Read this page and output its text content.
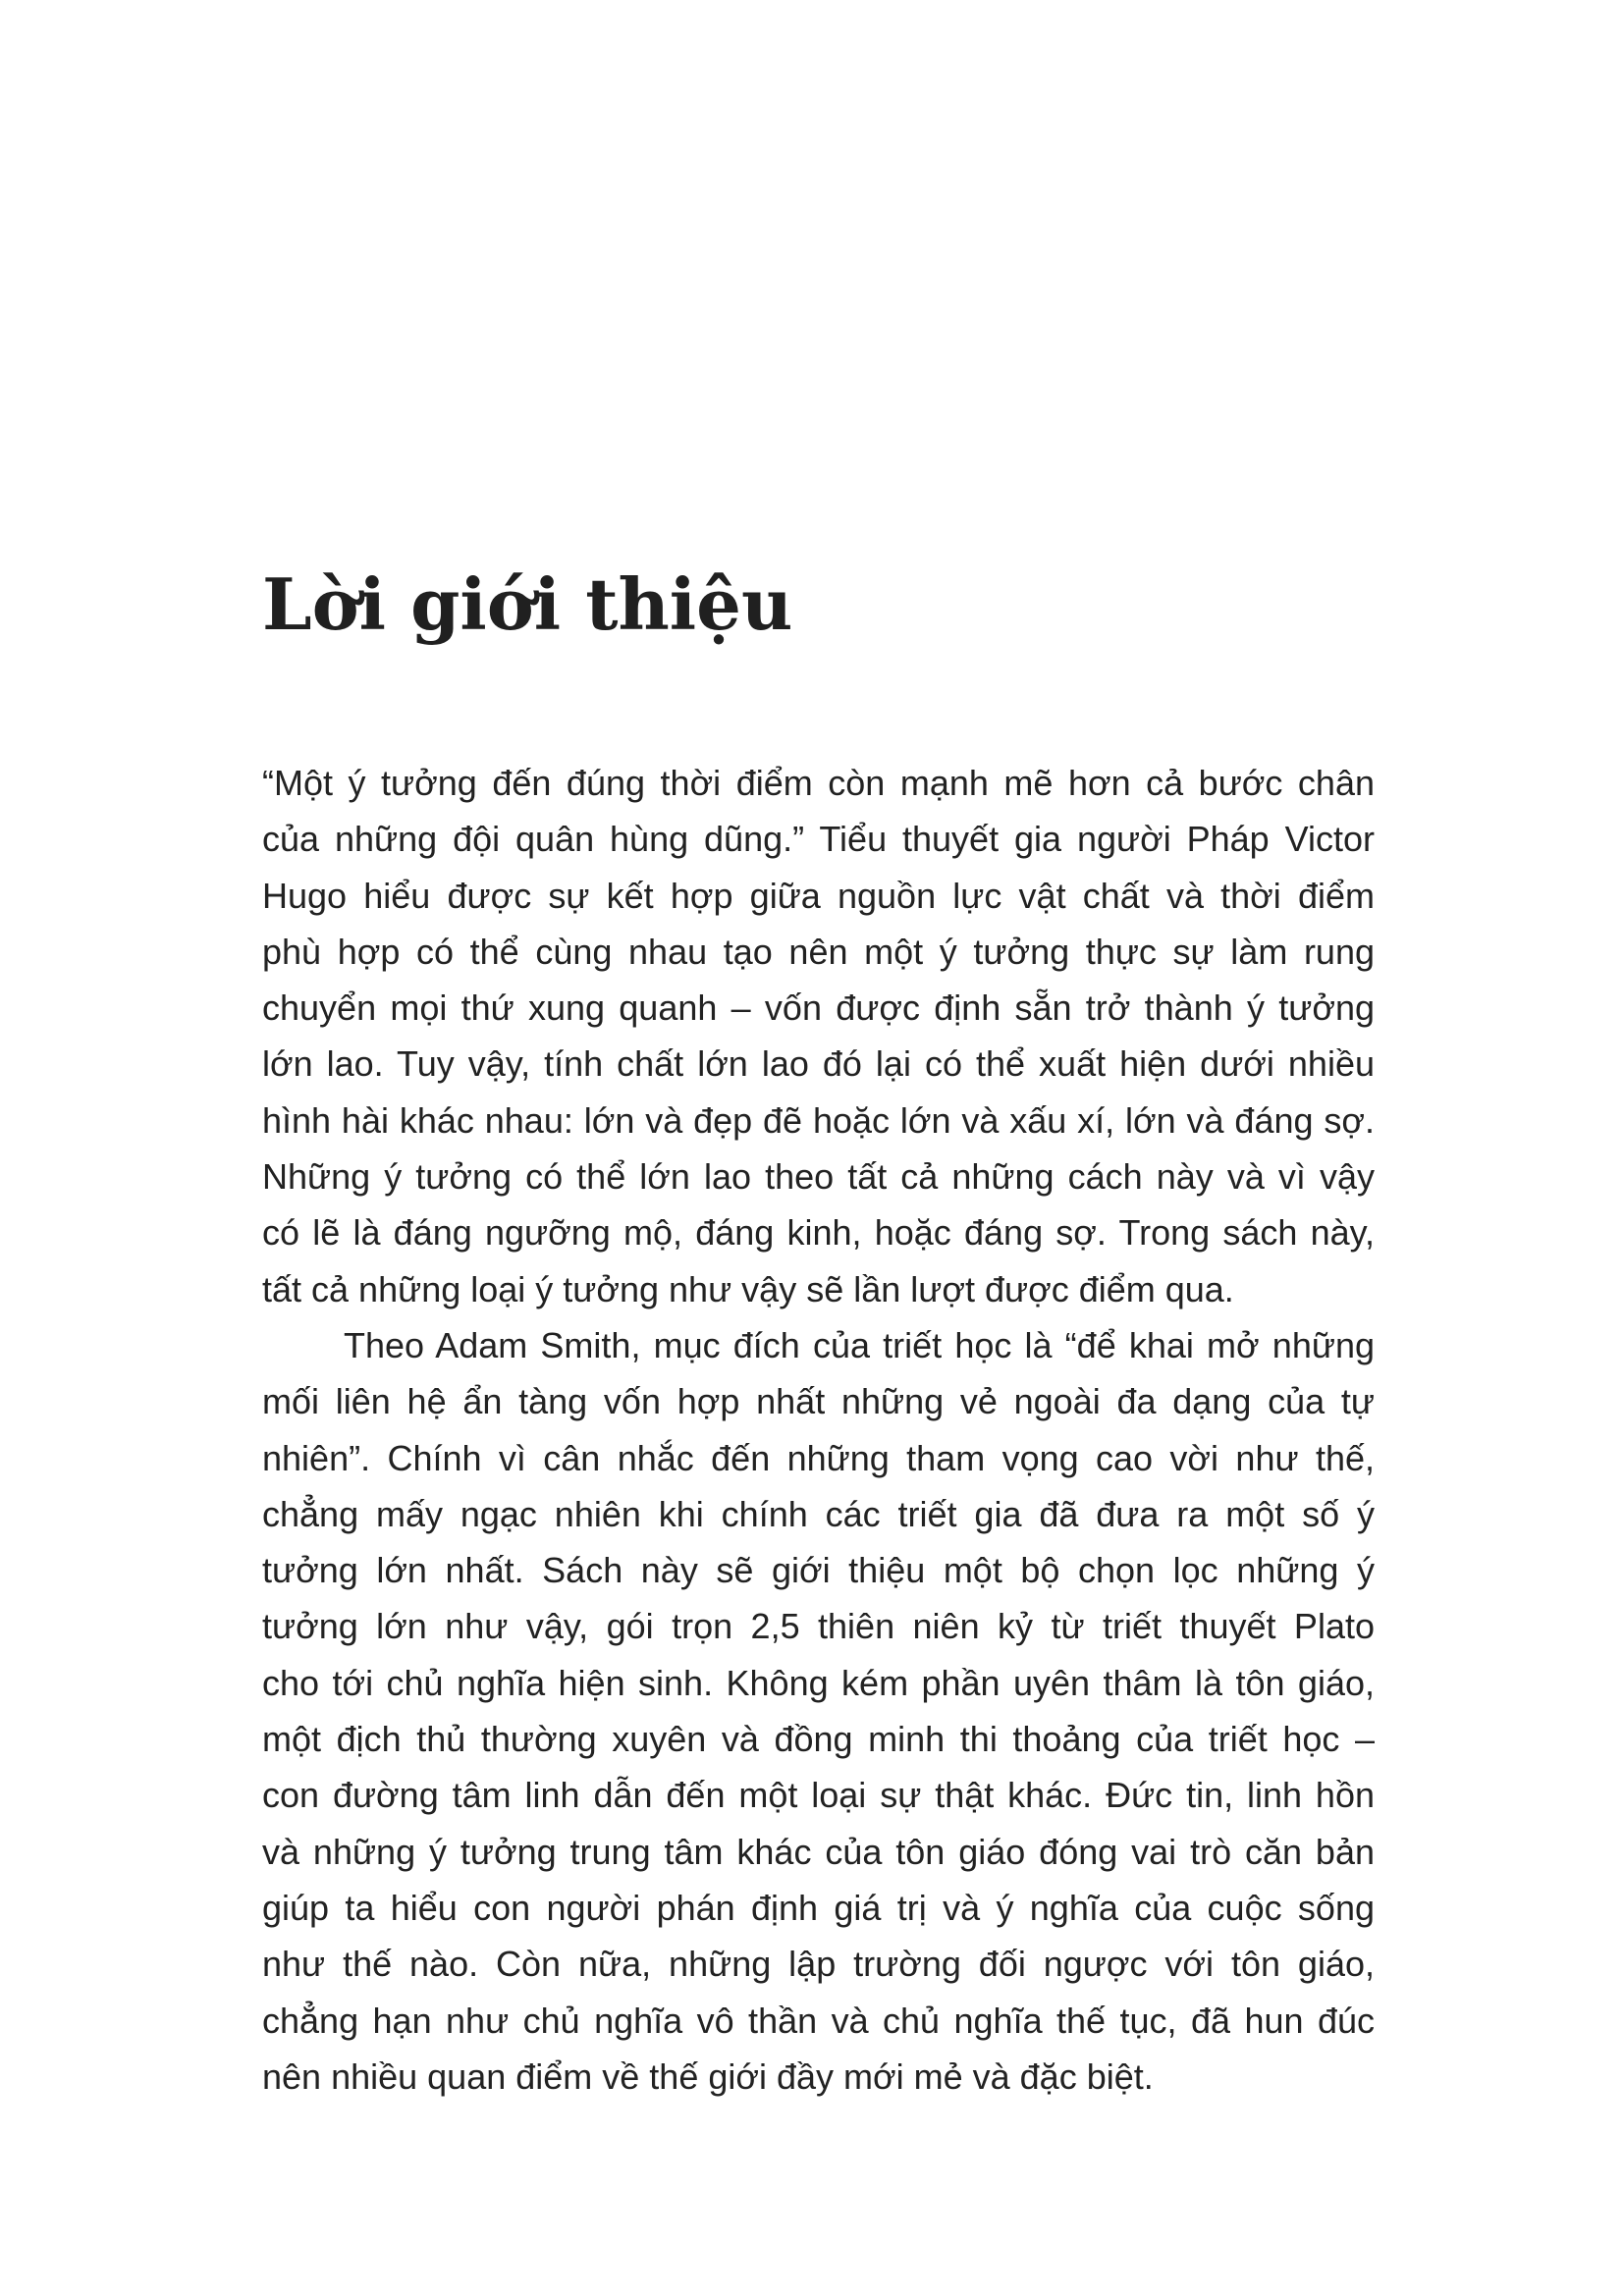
Lời giới thiệu
“Một ý tưởng đến đúng thời điểm còn mạnh mẽ hơn cả bước chân
của những đội quân hùng dũng.” Tiểu thuyết gia người Pháp Victor
Hugo hiểu được sự kết hợp giữa nguồn lực vật chất và thời điểm
phù hợp có thể cùng nhau tạo nên một ý tưởng thực sự làm rung
chuyển mọi thứ xung quanh – vốn được định sẵn trở thành ý tưởng
lớn lao. Tuy vậy, tính chất lớn lao đó lại có thể xuất hiện dưới nhiều
hình hài khác nhau: lớn và đẹp đẽ hoặc lớn và xấu xí, lớn và đáng sợ.
Những ý tưởng có thể lớn lao theo tất cả những cách này và vì vậy
có lẽ là đáng ngưỡng mộ, đáng kinh, hoặc đáng sợ. Trong sách này,
tất cả những loại ý tưởng như vậy sẽ lần lượt được điểm qua.
Theo Adam Smith, mục đích của triết học là “để khai mở những
mối liên hệ ẩn tàng vốn hợp nhất những vẻ ngoài đa dạng của tự
nhiên”. Chính vì cân nhắc đến những tham vọng cao vời như thế,
chẳng mấy ngạc nhiên khi chính các triết gia đã đưa ra một số ý
tưởng lớn nhất. Sách này sẽ giới thiệu một bộ chọn lọc những ý
tưởng lớn như vậy, gói trọn 2,5 thiên niên kỷ từ triết thuyết Plato
cho tới chủ nghĩa hiện sinh. Không kém phần uyên thâm là tôn giáo,
một địch thủ thường xuyên và đồng minh thi thoảng của triết học –
con đường tâm linh dẫn đến một loại sự thật khác. Đức tin, linh hồn
và những ý tưởng trung tâm khác của tôn giáo đóng vai trò căn bản
giúp ta hiểu con người phán định giá trị và ý nghĩa của cuộc sống
như thế nào. Còn nữa, những lập trường đối ngược với tôn giáo,
chẳng hạn như chủ nghĩa vô thần và chủ nghĩa thế tục, đã hun đúc
nên nhiều quan điểm về thế giới đầy mới mẻ và đặc biệt.
